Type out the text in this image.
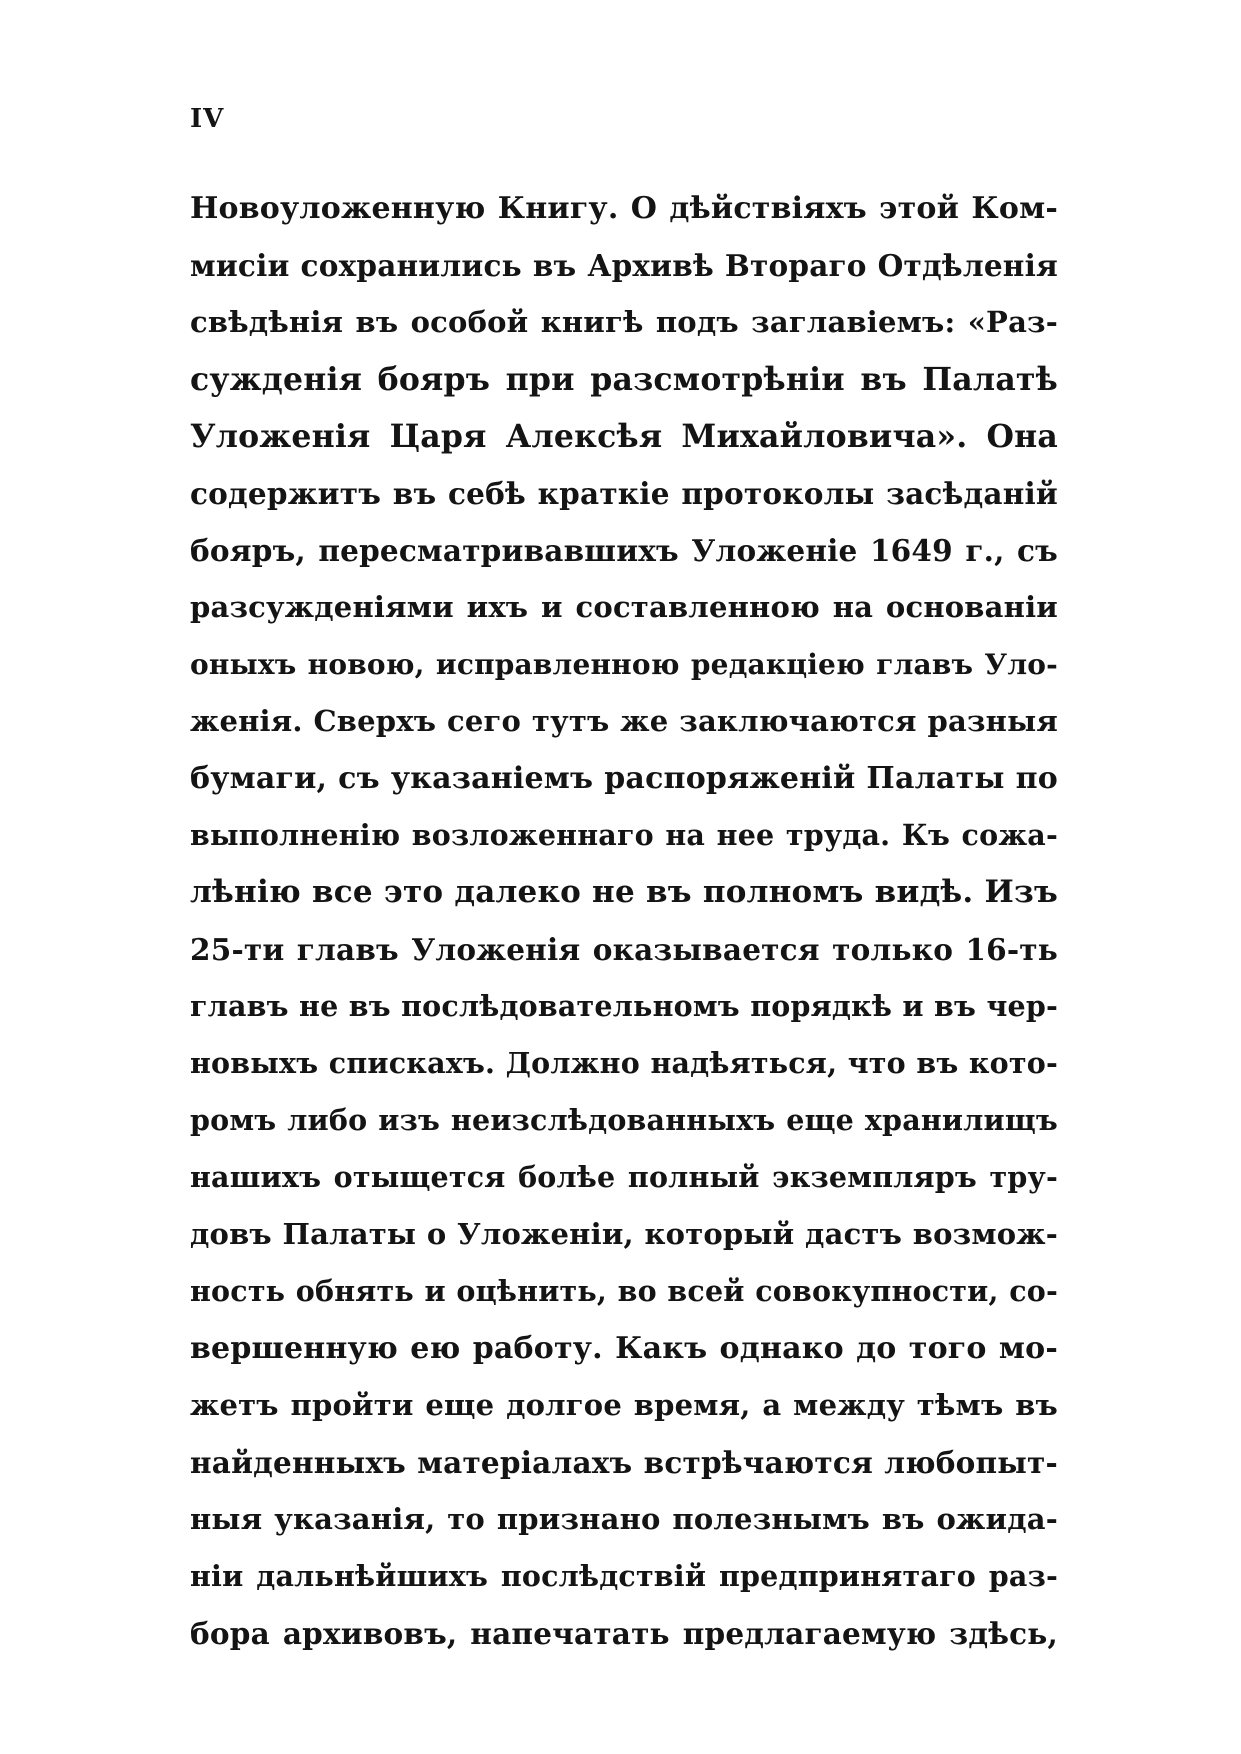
IV
Новоуложенную Книгу. О дѣйствіяхъ этой Ком-
мисіи сохранились въ Архивѣ Втораго Отдѣленія
свѣдѣнія въ особой книгѣ подъ заглавіемъ: «Раз-
сужденія бояръ при разсмотрѣніи въ Палатѣ
Уложенія Царя Алексѣя Михайловича». Она
содержитъ въ себѣ краткіе протоколы засѣданій
бояръ, пересматривавшихъ Уложеніе 1649 г., съ
разсужденіями ихъ и составленною на основаніи
оныхъ новою, исправленною редакціею главъ Уло-
женія. Сверхъ сего тутъ же заключаются разныя
бумаги, съ указаніемъ распоряженій Палаты по
выполненію возложеннаго на нее труда. Къ сожа-
лѣнію все это далеко не въ полномъ видѣ. Изъ
25-ти главъ Уложенія оказывается только 16-ть
главъ не въ послѣдовательномъ порядкѣ и въ чер-
новыхъ спискахъ. Должно надѣяться, что въ кото-
ромъ либо изъ неизслѣдованныхъ еще хранилищъ
нашихъ отыщется болѣе полный экземпляръ тру-
довъ Палаты о Уложеніи, который дастъ возмож-
ность обнять и оцѣнить, во всей совокупности, со-
вершенную ею работу. Какъ однако до того мо-
жетъ пройти еще долгое время, а между тѣмъ въ
найденныхъ матеріалахъ встрѣчаются любопыт-
ныя указанія, то признано полезнымъ въ ожида-
ніи дальнѣйшихъ послѣдствій предпринятаго раз-
бора архивовъ, напечатать предлагаемую здѣсь,
